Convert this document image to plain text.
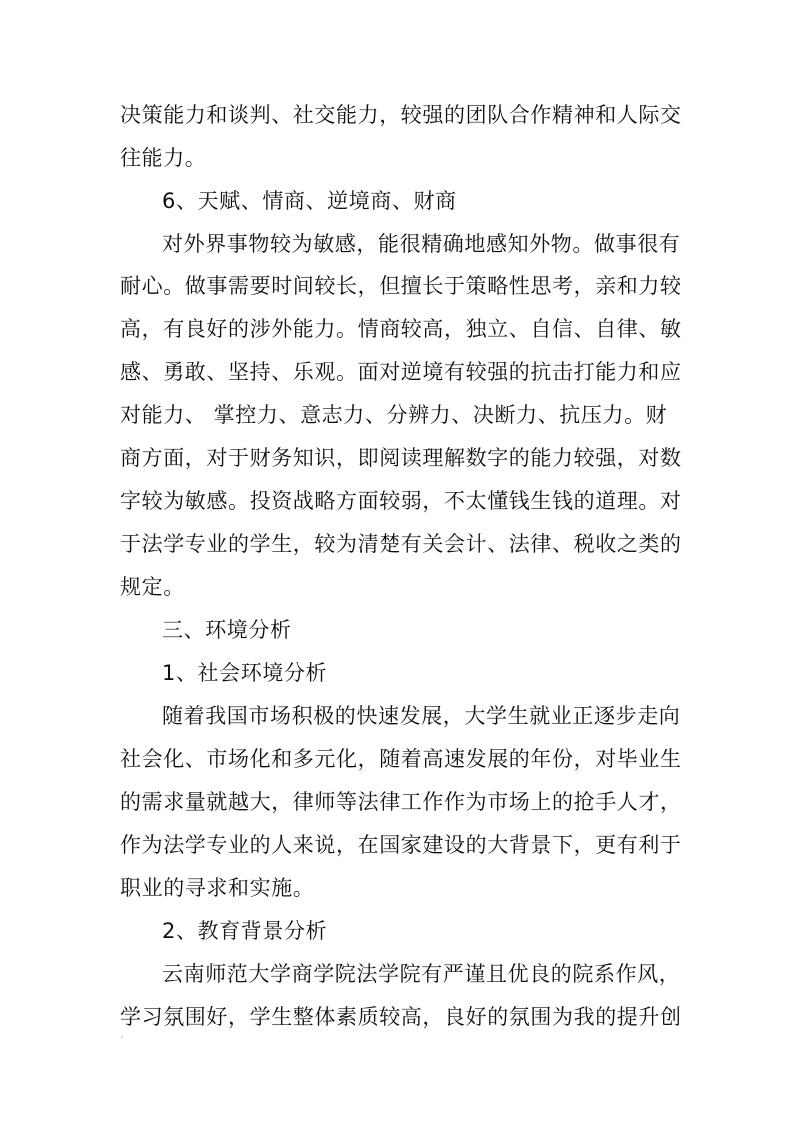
决策能力和谈判、社交能力，较强的团队合作精神和人际交
往能力。
6、天赋、情商、逆境商、财商
对外界事物较为敏感，能很精确地感知外物。做事很有
耐心。做事需要时间较长，但擅长于策略性思考，亲和力较
高，有良好的涉外能力。情商较高，独立、自信、自律、敏
感、勇敢、坚持、乐观。面对逆境有较强的抗击打能力和应
对能力、 掌控力、意志力、分辨力、决断力、抗压力。财
商方面，对于财务知识，即阅读理解数字的能力较强，对数
字较为敏感。投资战略方面较弱，不太懂钱生钱的道理。对
于法学专业的学生，较为清楚有关会计、法律、税收之类的
规定。
三、环境分析
1、社会环境分析
随着我国市场积极的快速发展，大学生就业正逐步走向
社会化、市场化和多元化，随着高速发展的年份，对毕业生
的需求量就越大，律师等法律工作作为市场上的抢手人才，
作为法学专业的人来说，在国家建设的大背景下，更有利于
职业的寻求和实施。
2、教育背景分析
云南师范大学商学院法学院有严谨且优良的院系作风，
学习氛围好，学生整体素质较高，良好的氛围为我的提升创
